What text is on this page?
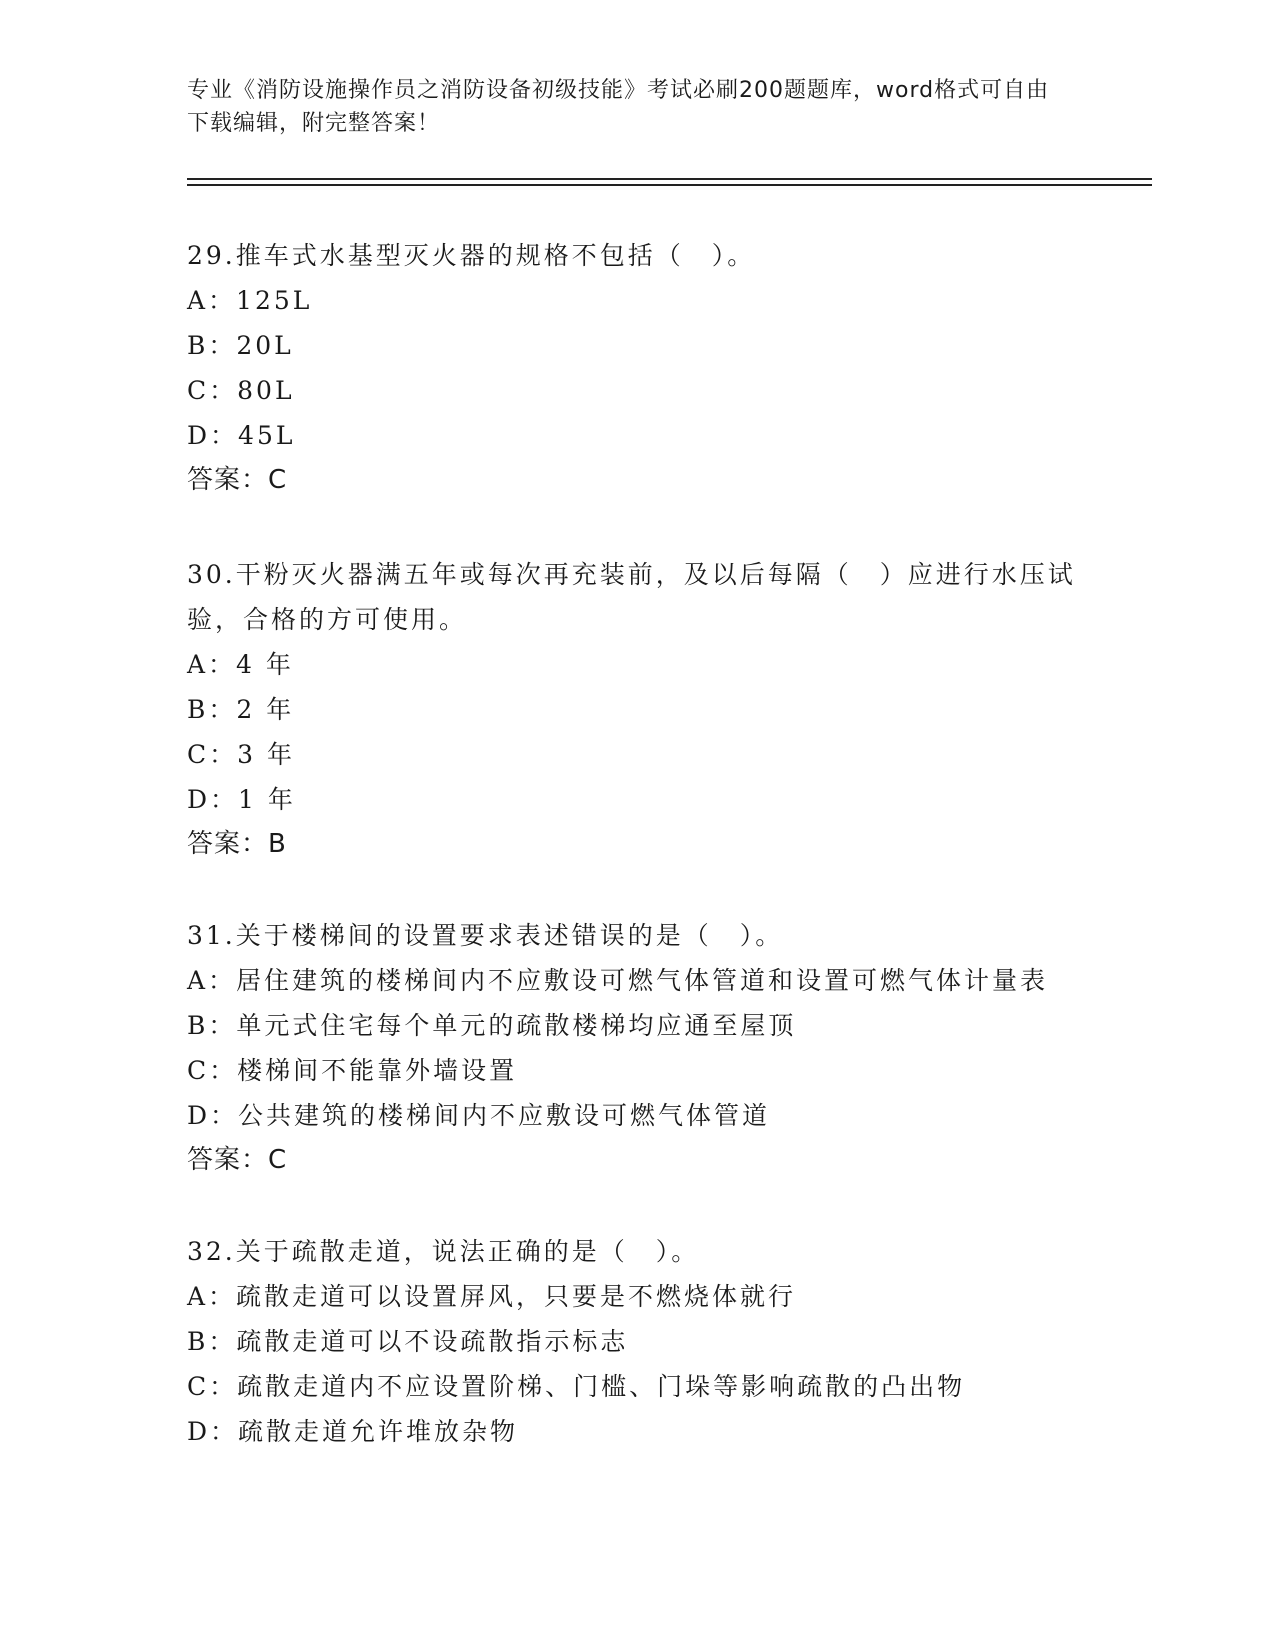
专业《消防设施操作员之消防设备初级技能》考试必刷200题题库，word格式可自由下载编辑，附完整答案！
29.推车式水基型灭火器的规格不包括（　）。
A：125L
B：20L
C：80L
D：45L
答案：C
30.干粉灭火器满五年或每次再充装前，及以后每隔（　）应进行水压试验，合格的方可使用。
A：4 年
B：2 年
C：3 年
D：1 年
答案：B
31.关于楼梯间的设置要求表述错误的是（　）。
A：居住建筑的楼梯间内不应敷设可燃气体管道和设置可燃气体计量表
B：单元式住宅每个单元的疏散楼梯均应通至屋顶
C：楼梯间不能靠外墙设置
D：公共建筑的楼梯间内不应敷设可燃气体管道
答案：C
32.关于疏散走道，说法正确的是（　）。
A：疏散走道可以设置屏风，只要是不燃烧体就行
B：疏散走道可以不设疏散指示标志
C：疏散走道内不应设置阶梯、门槛、门垛等影响疏散的凸出物
D：疏散走道允许堆放杂物
